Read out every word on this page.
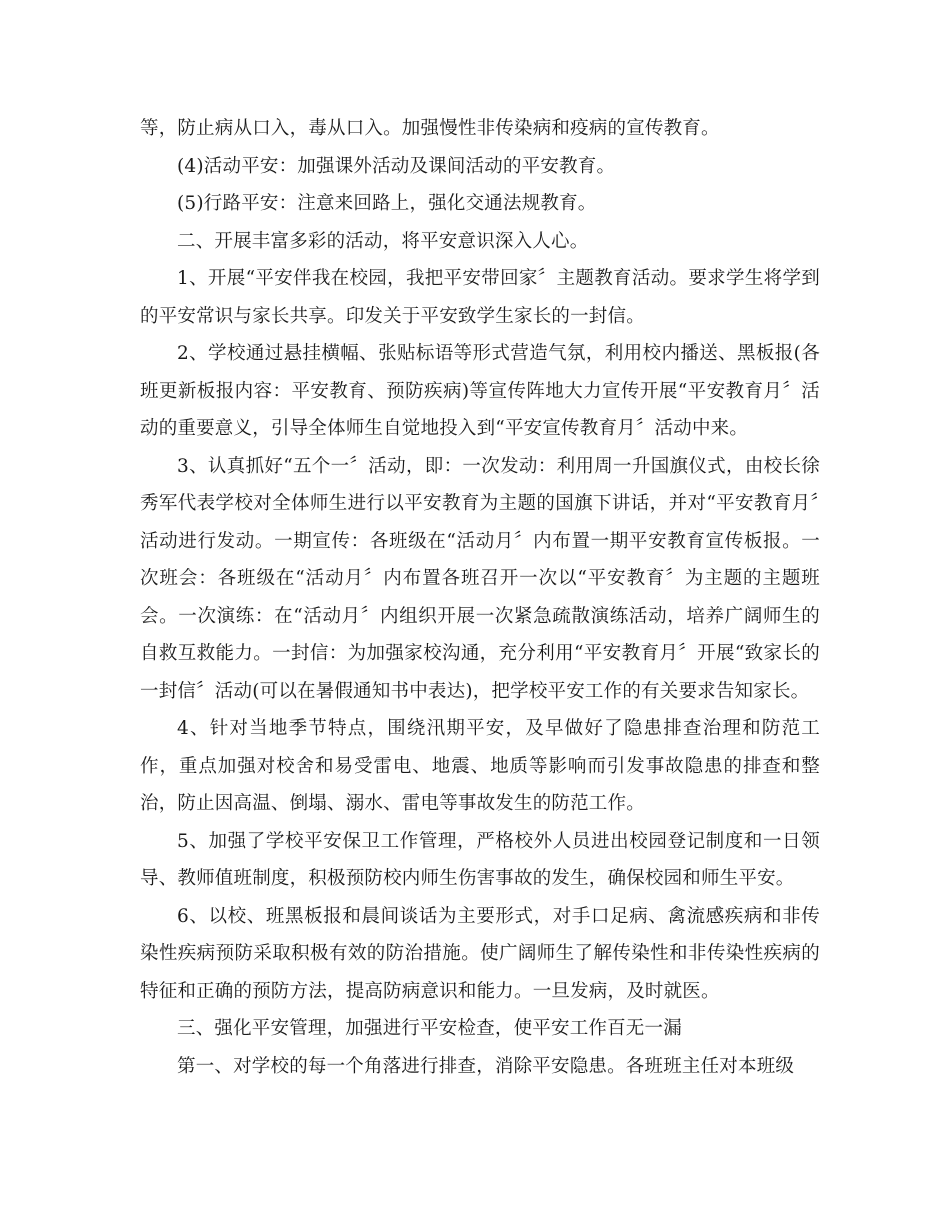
等，防止病从口入，毒从口入。加强慢性非传染病和疫病的宣传教育。

(4)活动平安：加强课外活动及课间活动的平安教育。

(5)行路平安：注意来回路上，强化交通法规教育。

二、开展丰富多彩的活动，将平安意识深入人心。

1、开展“平安伴我在校园，我把平安带回家〞主题教育活动。要求学生将学到的平安常识与家长共享。印发关于平安致学生家长的一封信。

2、学校通过悬挂横幅、张贴标语等形式营造气氛，利用校内播送、黑板报(各班更新板报内容：平安教育、预防疾病)等宣传阵地大力宣传开展“平安教育月〞活动的重要意义，引导全体师生自觉地投入到“平安宣传教育月〞活动中来。

3、认真抓好“五个一〞活动，即：一次发动：利用周一升国旗仪式，由校长徐秀军代表学校对全体师生进行以平安教育为主题的国旗下讲话，并对“平安教育月〞活动进行发动。一期宣传：各班级在“活动月〞内布置一期平安教育宣传板报。一次班会：各班级在“活动月〞内布置各班召开一次以“平安教育〞为主题的主题班会。一次演练：在“活动月〞内组织开展一次紧急疏散演练活动，培养广阔师生的自救互救能力。一封信：为加强家校沟通，充分利用“平安教育月〞开展“致家长的一封信〞活动(可以在暑假通知书中表达)，把学校平安工作的有关要求告知家长。

4、针对当地季节特点，围绕汛期平安，及早做好了隐患排查治理和防范工作，重点加强对校舍和易受雷电、地震、地质等影响而引发事故隐患的排查和整治，防止因高温、倒塌、溺水、雷电等事故发生的防范工作。

5、加强了学校平安保卫工作管理，严格校外人员进出校园登记制度和一日领导、教师值班制度，积极预防校内师生伤害事故的发生，确保校园和师生平安。

6、以校、班黑板报和晨间谈话为主要形式，对手口足病、禽流感疾病和非传染性疾病预防采取积极有效的防治措施。使广阔师生了解传染性和非传染性疾病的特征和正确的预防方法，提高防病意识和能力。一旦发病，及时就医。

三、强化平安管理，加强进行平安检查，使平安工作百无一漏

第一、对学校的每一个角落进行排查，消除平安隐患。各班班主任对本班级
